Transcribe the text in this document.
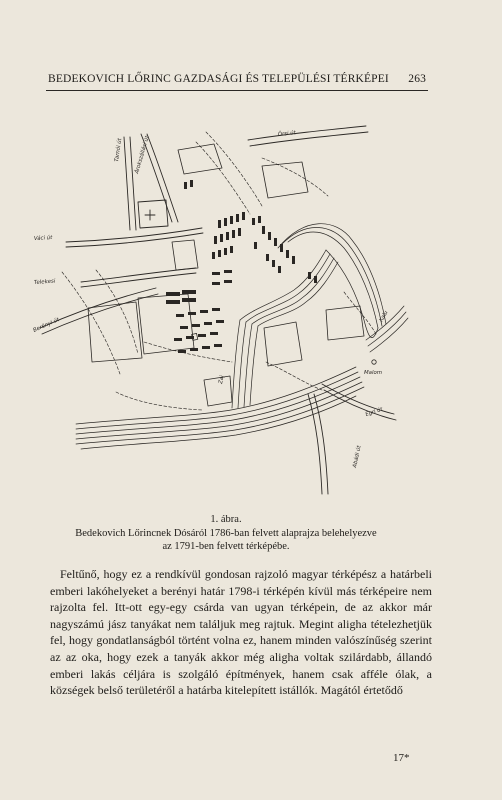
BEDEKOVICH LŐRINC GAZDASÁGI ÉS TELEPÜLÉSI TÉRKÉPEI 263
Tarnói út Árokszállási út
Örsi út
Váci út
Telekesi
Berényi út
Kalu
Egri út
Abádi út
Malom
Zaj
1. ábra.
Bedekovich Lőrincnek Dósáról 1786-ban felvett alaprajza belehelyezve
az 1791-ben felvett térképébe.

Feltűnő, hogy ez a rendkívül gondosan rajzoló magyar térképész a határbeli emberi lakóhelyeket a berényi határ 1798-i térképén kívül más térképeire nem rajzolta fel. Itt-ott egy-egy csárda van ugyan térképein, de az akkor már nagyszámú jász tanyákat nem találjuk meg rajtuk. Megint aligha tételezhetjük fel, hogy gondatlanságból történt volna ez, hanem minden valószínűség szerint az az oka, hogy ezek a tanyák akkor még aligha voltak szilárdabb, állandó emberi lakás céljára is szolgáló építmények, hanem csak afféle ólak, a községek belső területéről a határba kitelepített istállók. Magától értetődő

17*
